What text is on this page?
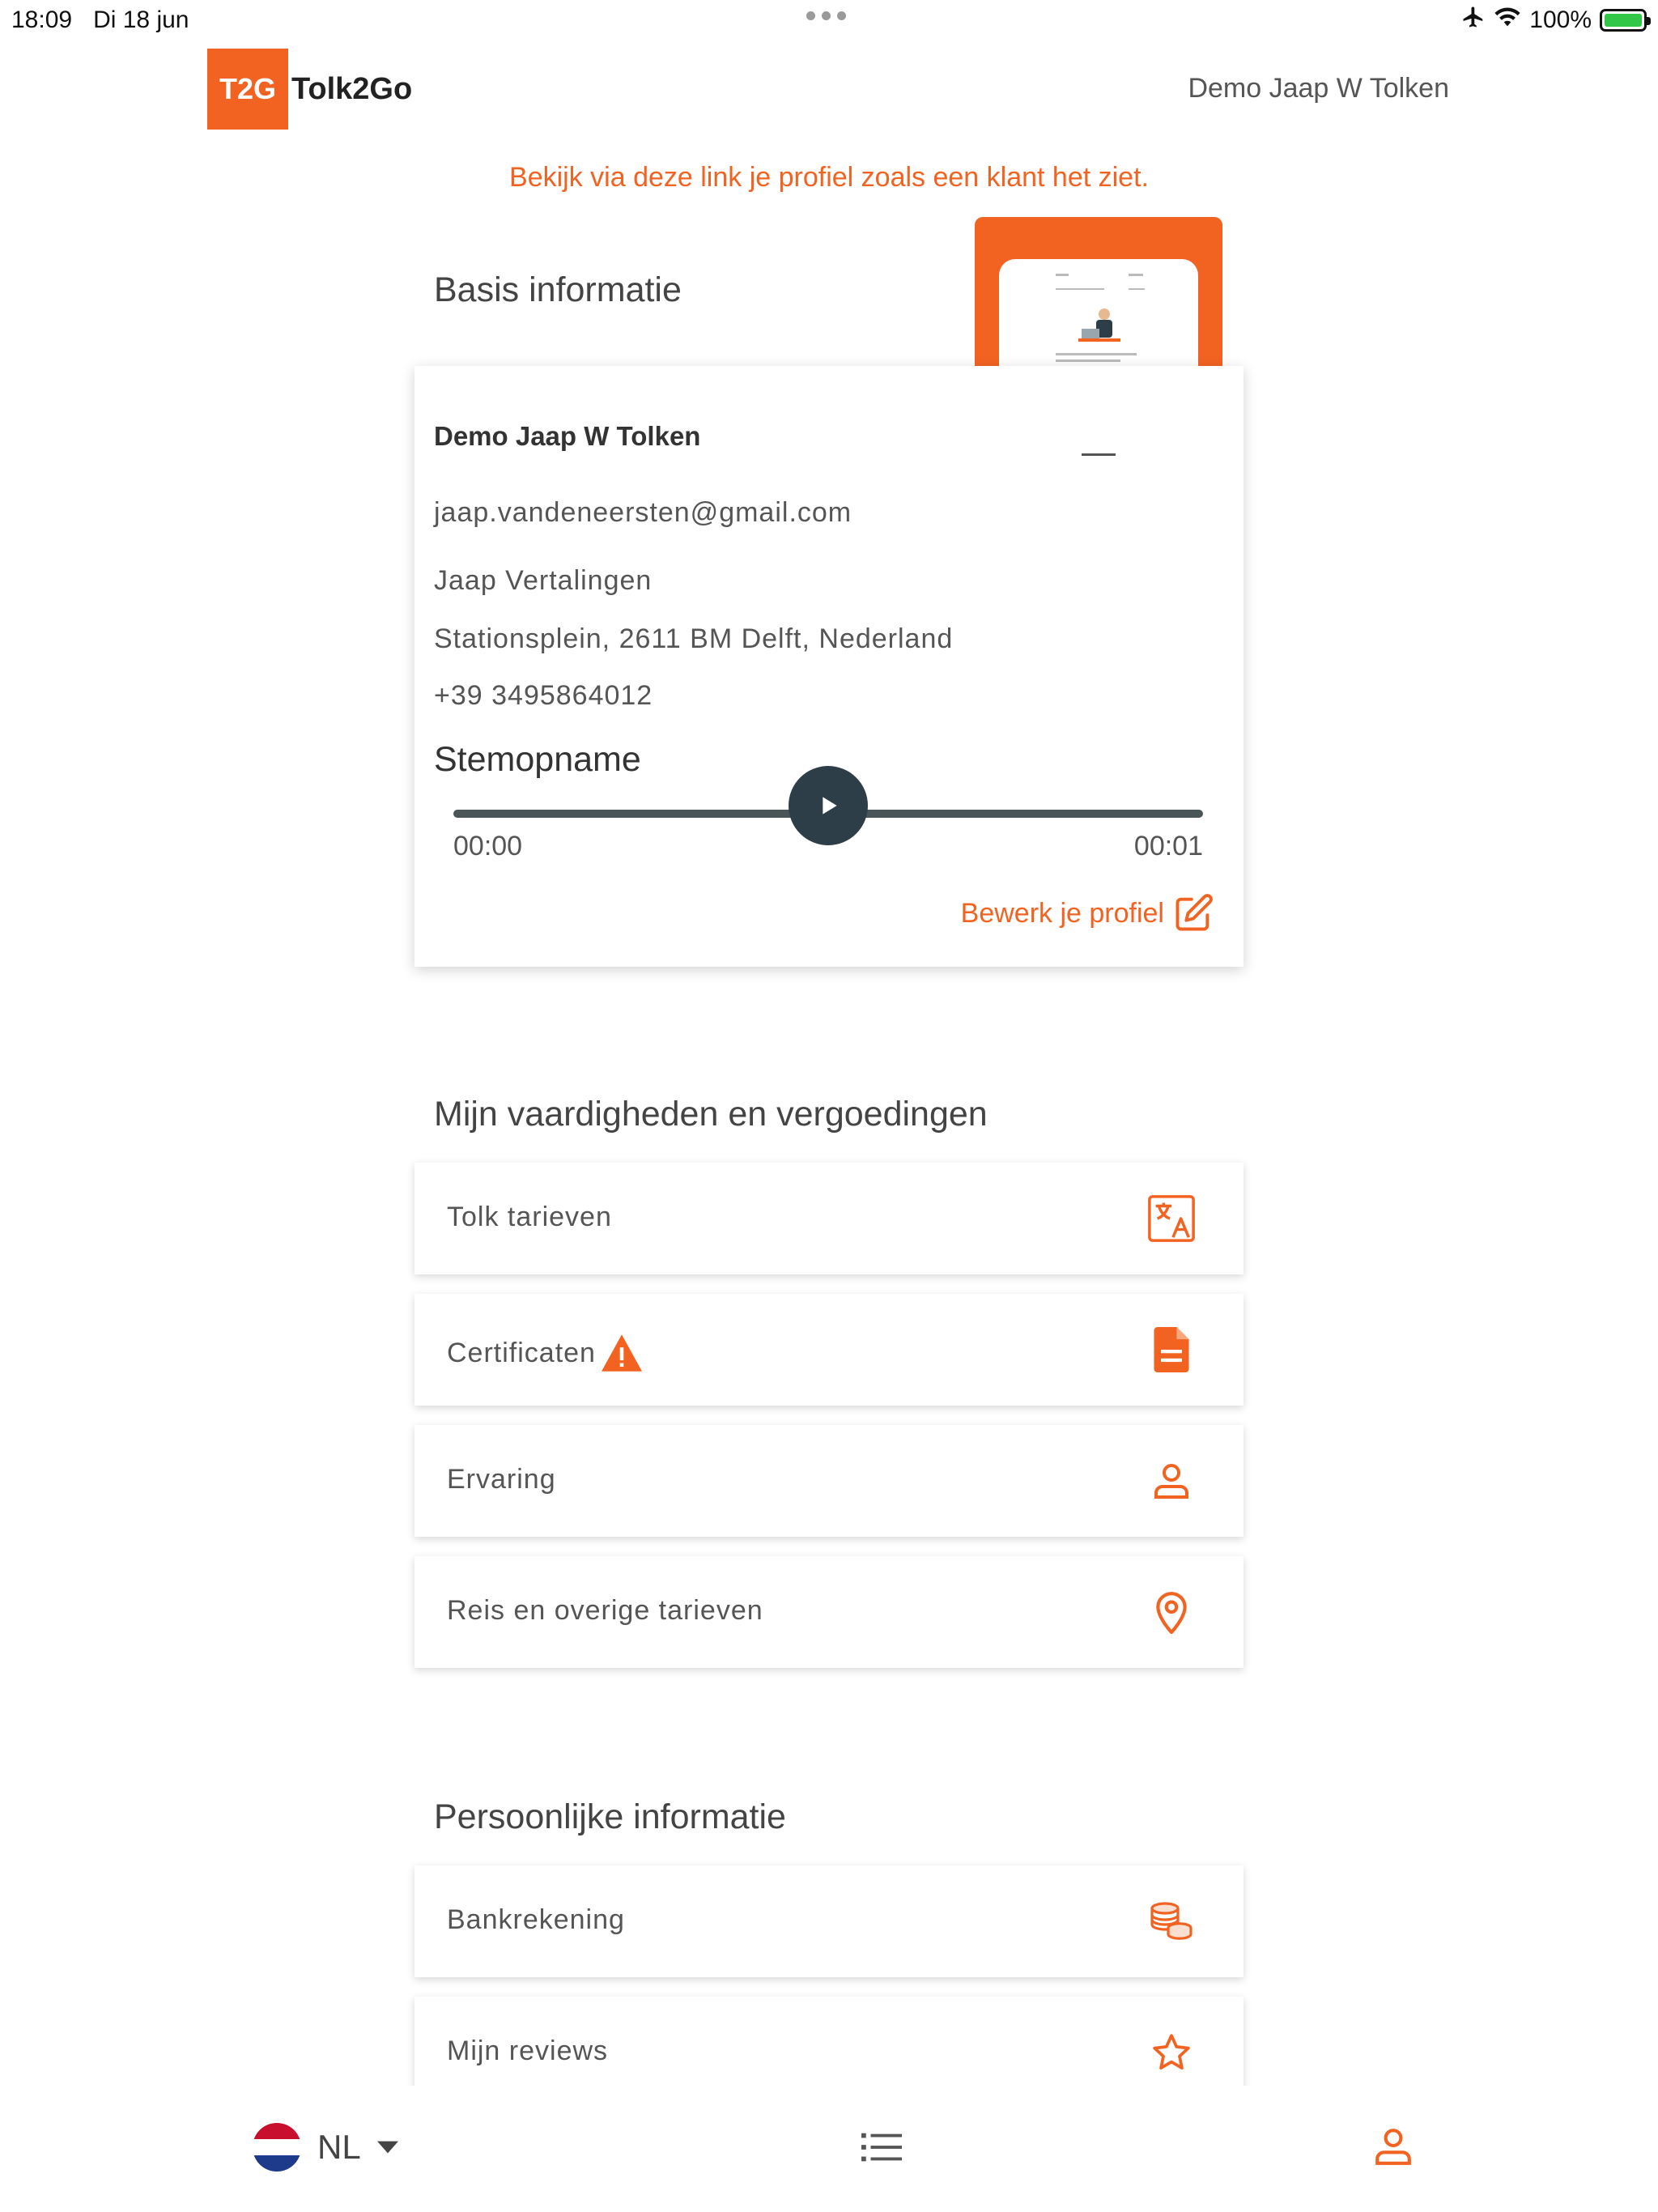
18:09 Di 18 jun	100%
T2G Tolk2Go	Demo Jaap W Tolken
Bekijk via deze link je profiel zoals een klant het ziet.
Basis informatie
Demo Jaap W Tolken
jaap.vandeneersten@gmail.com
Jaap Vertalingen
Stationsplein, 2611 BM Delft, Nederland
+39 3495864012
Stemopname
00:00	00:01
Bewerk je profiel
Mijn vaardigheden en vergoedingen
Tolk tarieven
Certificaten
Ervaring
Reis en overige tarieven
Persoonlijke informatie
Bankrekening
Mijn reviews
NL
